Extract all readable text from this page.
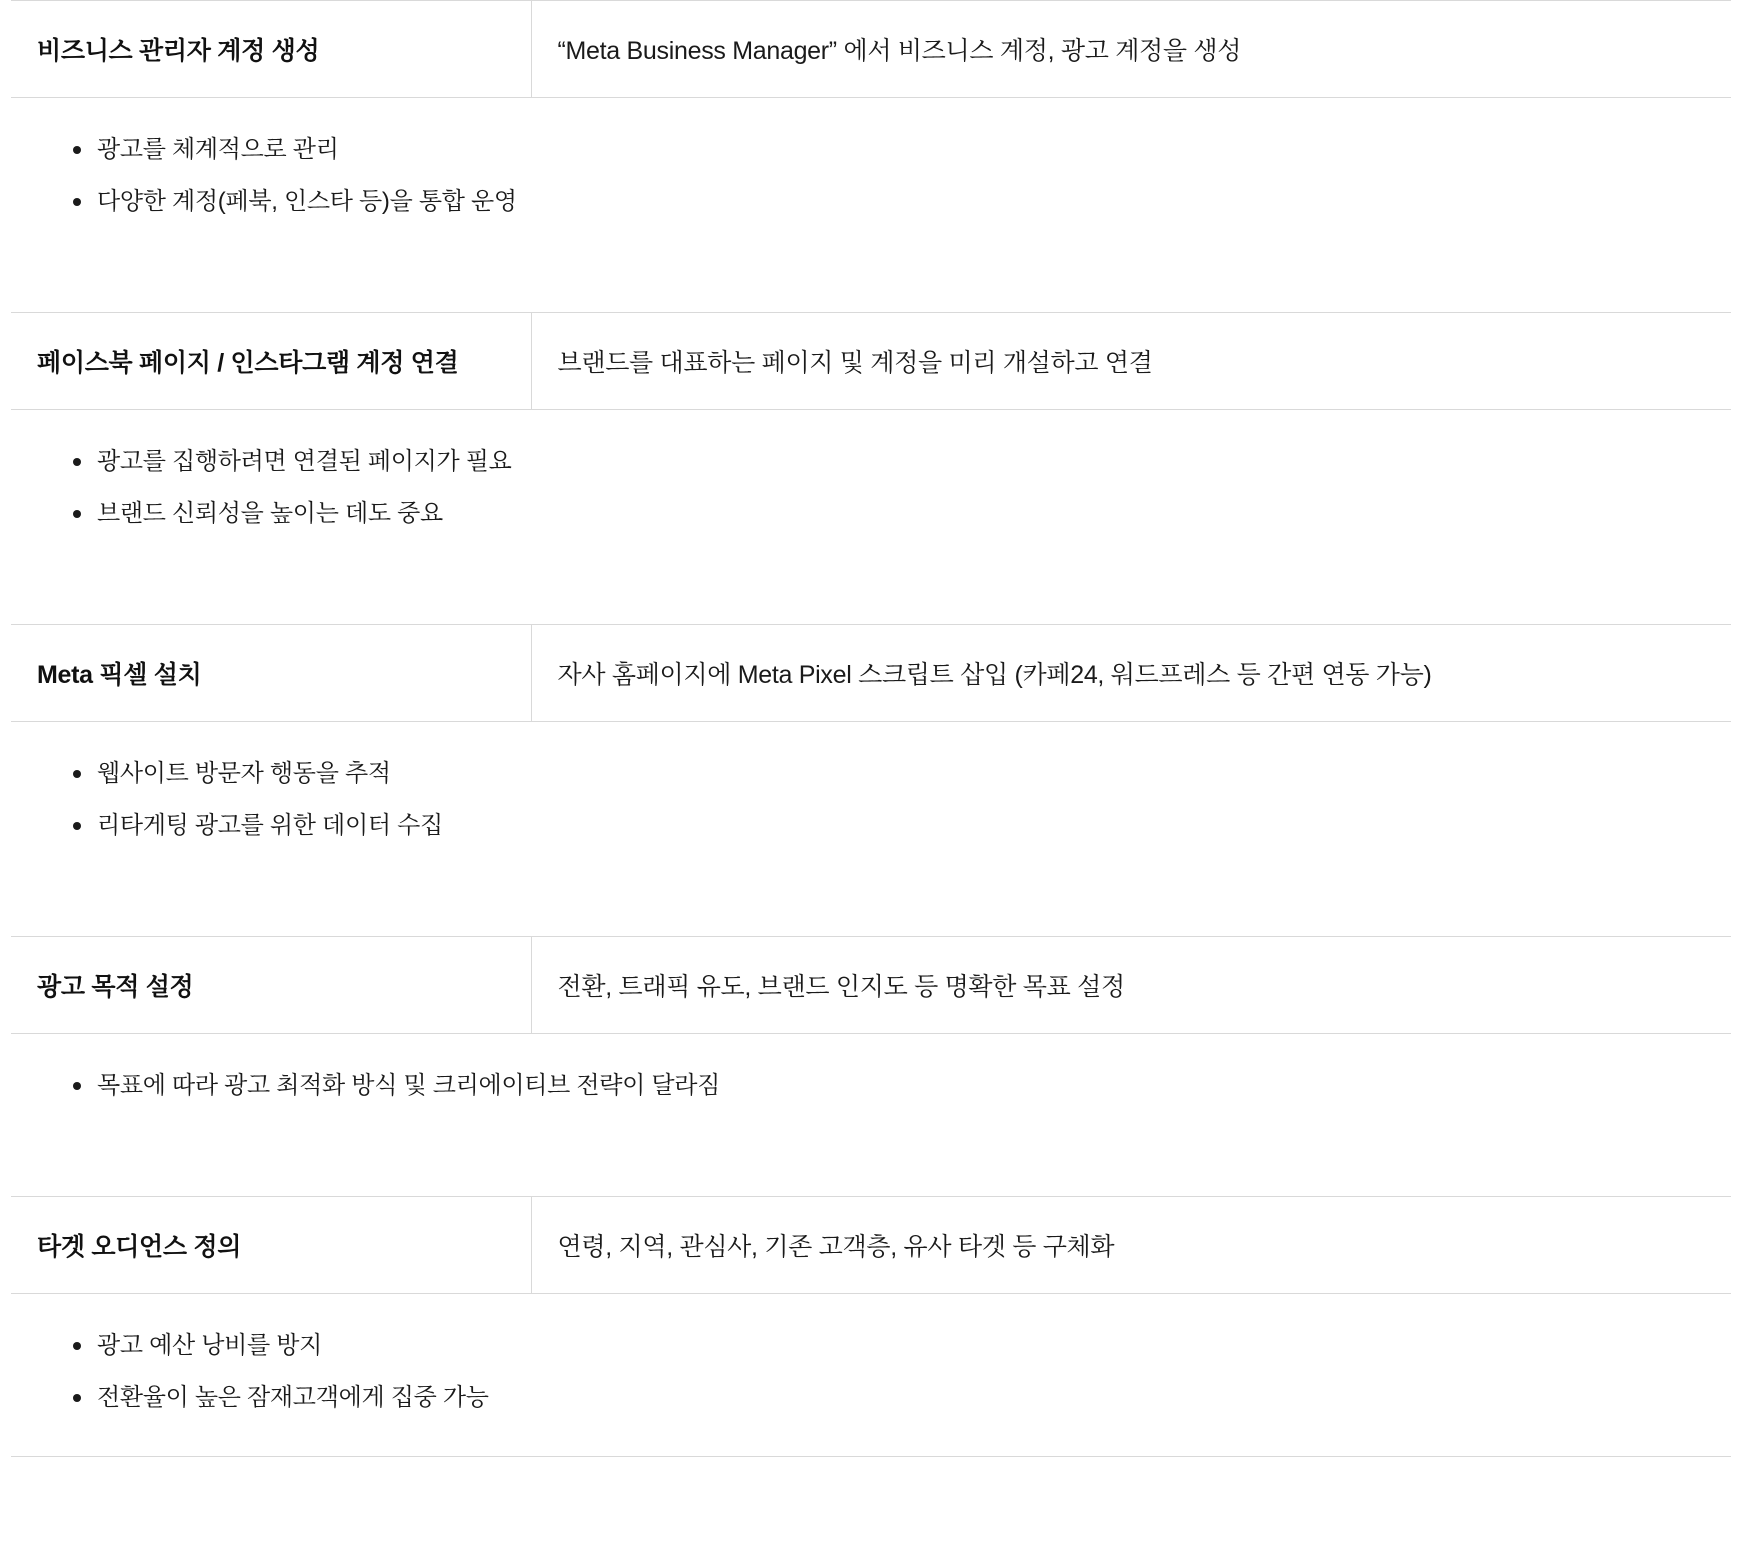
비즈니스 관리자 계정 생성	“Meta Business Manager” 에서 비즈니스 계정, 광고 계정을 생성

광고를 체계적으로 관리
다양한 계정(페북, 인스타 등)을 통합 운영

페이스북 페이지 / 인스타그램 계정 연결	브랜드를 대표하는 페이지 및 계정을 미리 개설하고 연결

광고를 집행하려면 연결된 페이지가 필요
브랜드 신뢰성을 높이는 데도 중요

Meta 픽셀 설치	자사 홈페이지에 Meta Pixel 스크립트 삽입 (카페24, 워드프레스 등 간편 연동 가능)

웹사이트 방문자 행동을 추적
리타게팅 광고를 위한 데이터 수집

광고 목적 설정	전환, 트래픽 유도, 브랜드 인지도 등 명확한 목표 설정

목표에 따라 광고 최적화 방식 및 크리에이티브 전략이 달라짐

타겟 오디언스 정의	연령, 지역, 관심사, 기존 고객층, 유사 타겟 등 구체화

광고 예산 낭비를 방지
전환율이 높은 잠재고객에게 집중 가능
